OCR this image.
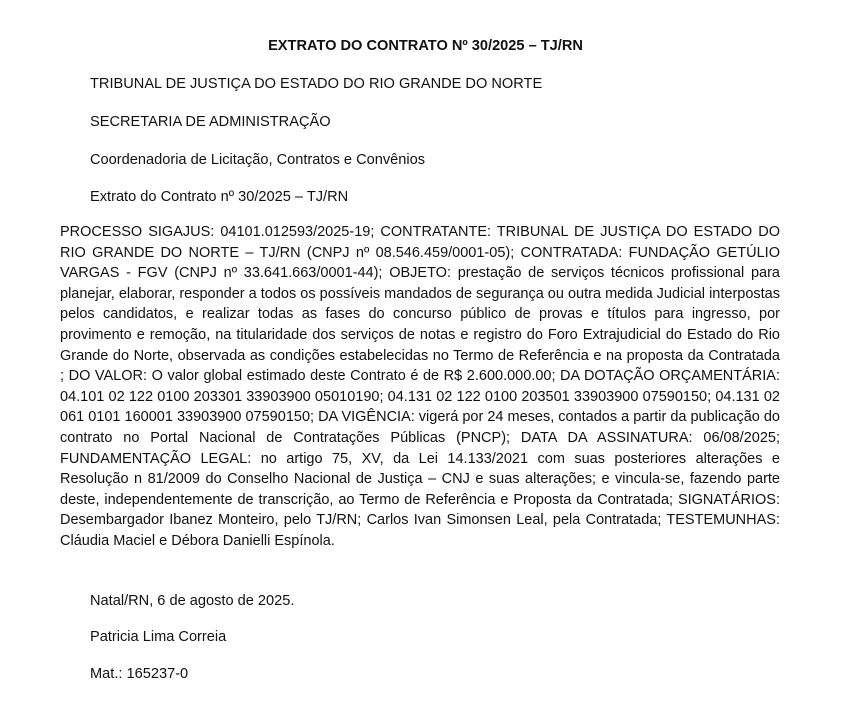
EXTRATO DO CONTRATO Nº 30/2025 – TJ/RN
TRIBUNAL DE JUSTIÇA DO ESTADO DO RIO GRANDE DO NORTE
SECRETARIA DE ADMINISTRAÇÃO
Coordenadoria de Licitação, Contratos e Convênios
Extrato do Contrato nº 30/2025 – TJ/RN

PROCESSO SIGAJUS: 04101.012593/2025-19; CONTRATANTE: TRIBUNAL DE JUSTIÇA DO ESTADO DO RIO GRANDE DO NORTE – TJ/RN (CNPJ nº 08.546.459/0001-05); CONTRATADA: FUNDAÇÃO GETÚLIO VARGAS - FGV (CNPJ nº 33.641.663/0001-44); OBJETO: prestação de serviços técnicos profissional para planejar, elaborar, responder a todos os possíveis mandados de segurança ou outra medida Judicial interpostas pelos candidatos, e realizar todas as fases do concurso público de provas e títulos para ingresso, por provimento e remoção, na titularidade dos serviços de notas e registro do Foro Extrajudicial do Estado do Rio Grande do Norte, observada as condições estabelecidas no Termo de Referência e na proposta da Contratada ; DO VALOR: O valor global estimado deste Contrato é de R$ 2.600.000.00; DA DOTAÇÃO ORÇAMENTÁRIA: 04.101 02 122 0100 203301 33903900 05010190; 04.131 02 122 0100 203501 33903900 07590150; 04.131 02 061 0101 160001 33903900 07590150; DA VIGÊNCIA: vigerá por 24 meses, contados a partir da publicação do contrato no Portal Nacional de Contratações Públicas (PNCP); DATA DA ASSINATURA: 06/08/2025; FUNDAMENTAÇÃO LEGAL: no artigo 75, XV, da Lei 14.133/2021 com suas posteriores alterações e Resolução n 81/2009 do Conselho Nacional de Justiça – CNJ e suas alterações; e vincula-se, fazendo parte deste, independentemente de transcrição, ao Termo de Referência e Proposta da Contratada; SIGNATÁRIOS: Desembargador Ibanez Monteiro, pelo TJ/RN; Carlos Ivan Simonsen Leal, pela Contratada; TESTEMUNHAS: Cláudia Maciel e Débora Danielli Espínola.

Natal/RN, 6 de agosto de 2025.
Patricia Lima Correia
Mat.: 165237-0
